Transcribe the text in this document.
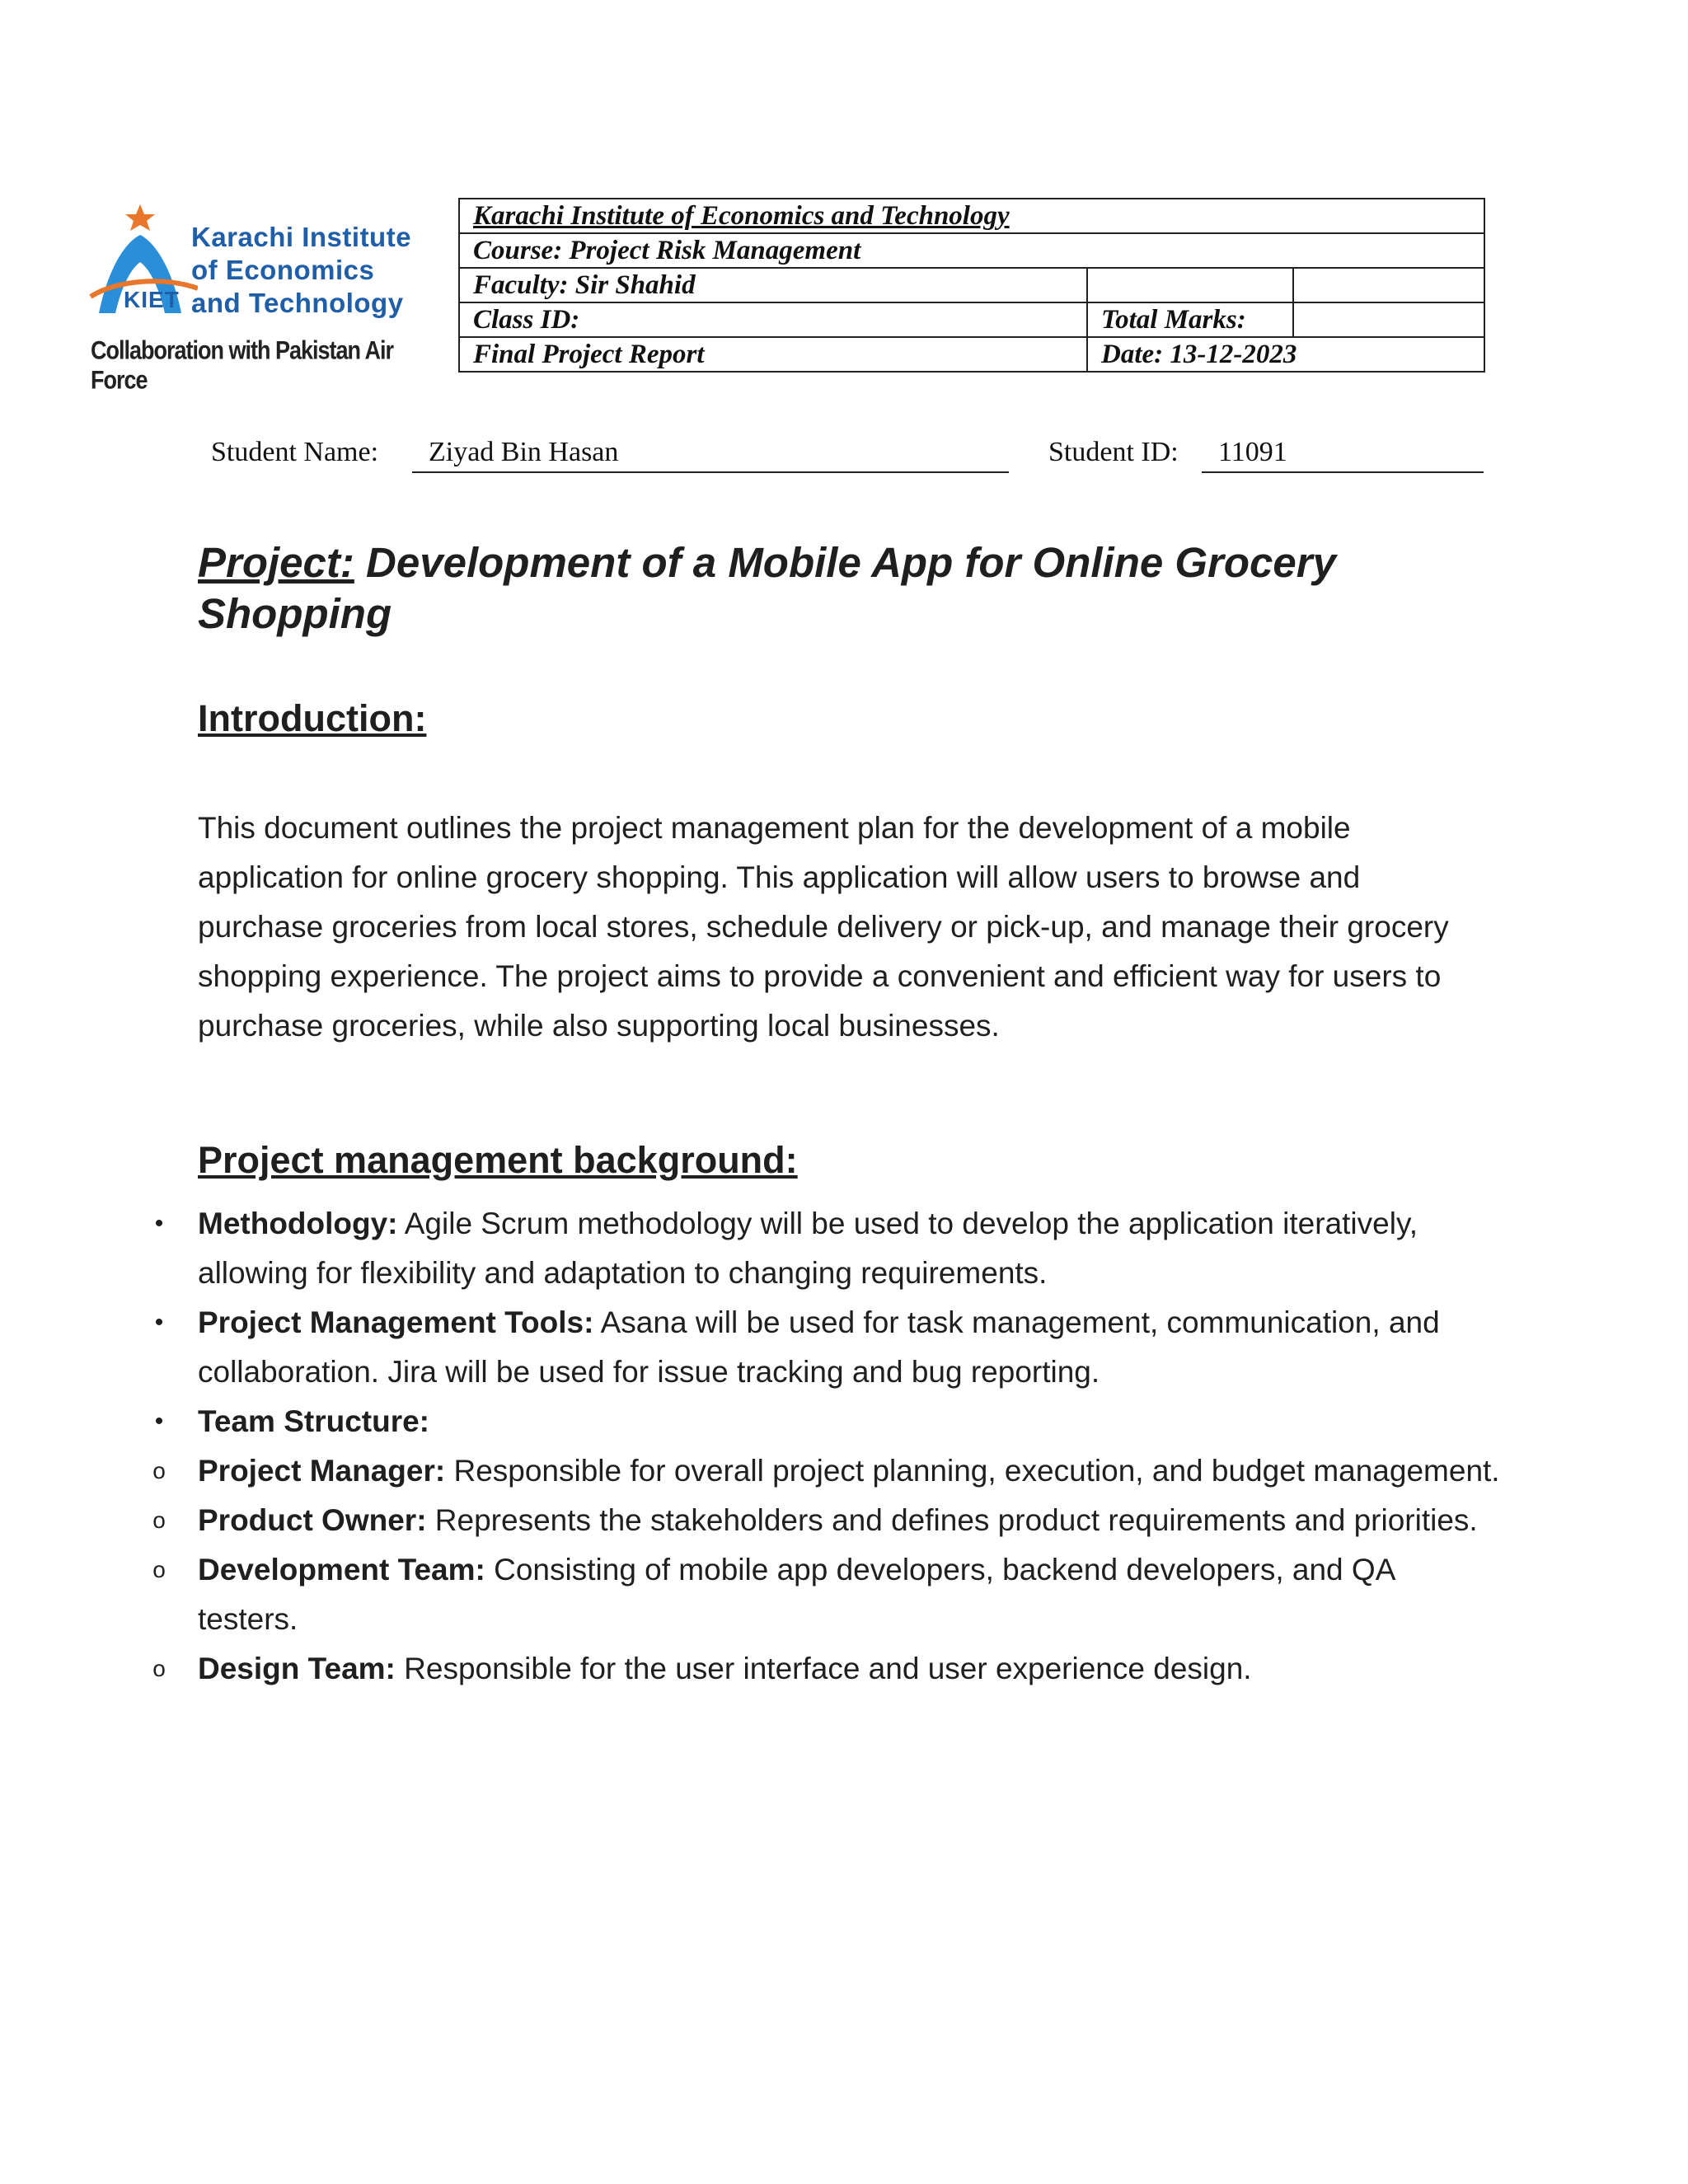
KIET
Karachi Institute
of Economics
and Technology
Collaboration with Pakistan Air Force
Karachi Institute of Economics and Technology		
Course: Project Risk Management		
Faculty: Sir Shahid		
Class ID:	Total Marks:	
Final Project Report	Date: 13-12-2023	
Student Name:	Ziyad Bin Hasan	Student ID:	11091
Project: Development of a Mobile App for Online Grocery Shopping
Introduction:

This document outlines the project management plan for the development of a mobile application for online grocery shopping. This application will allow users to browse and purchase groceries from local stores, schedule delivery or pick-up, and manage their grocery shopping experience. The project aims to provide a convenient and efficient way for users to purchase groceries, while also supporting local businesses.

Project management background:
• Methodology: Agile Scrum methodology will be used to develop the application iteratively, allowing for flexibility and adaptation to changing requirements.
• Project Management Tools: Asana will be used for task management, communication, and collaboration. Jira will be used for issue tracking and bug reporting.
• Team Structure:
o Project Manager: Responsible for overall project planning, execution, and budget management.
o Product Owner: Represents the stakeholders and defines product requirements and priorities.
o Development Team: Consisting of mobile app developers, backend developers, and QA testers.
o Design Team: Responsible for the user interface and user experience design.
